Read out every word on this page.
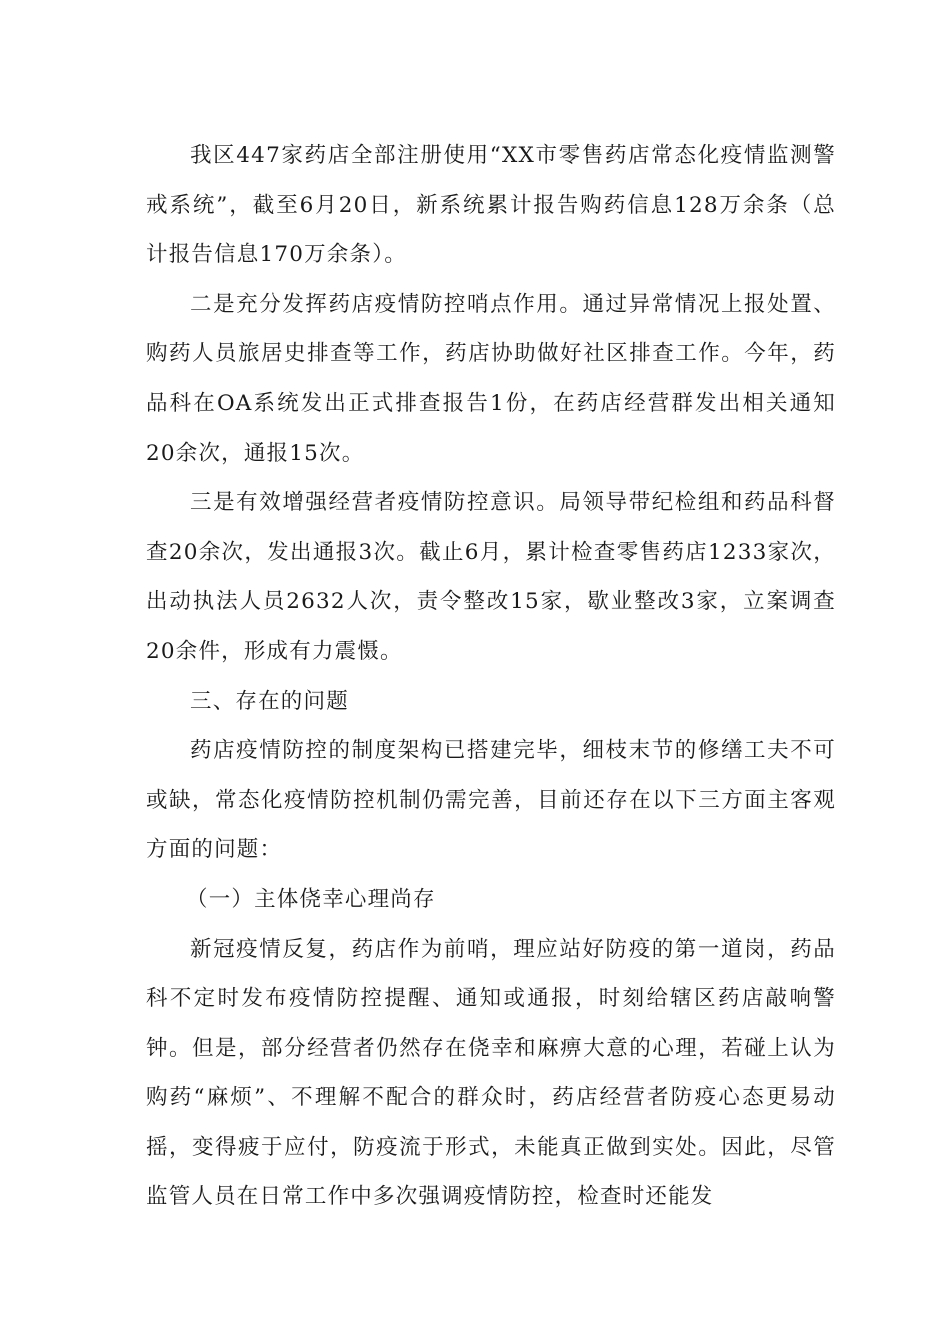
我区447家药店全部注册使用“XX市零售药店常态化疫情监测警戒系统”，截至6月20日，新系统累计报告购药信息128万余条（总计报告信息170万余条）。

二是充分发挥药店疫情防控哨点作用。通过异常情况上报处置、购药人员旅居史排查等工作，药店协助做好社区排查工作。今年，药品科在OA系统发出正式排查报告1份，在药店经营群发出相关通知20余次，通报15次。

三是有效增强经营者疫情防控意识。局领导带纪检组和药品科督查20余次，发出通报3次。截止6月，累计检查零售药店1233家次，出动执法人员2632人次，责令整改15家，歇业整改3家，立案调查20余件，形成有力震慑。

三、存在的问题

药店疫情防控的制度架构已搭建完毕，细枝末节的修缮工夫不可或缺，常态化疫情防控机制仍需完善，目前还存在以下三方面主客观方面的问题：

（一）主体侥幸心理尚存

新冠疫情反复，药店作为前哨，理应站好防疫的第一道岗，药品科不定时发布疫情防控提醒、通知或通报，时刻给辖区药店敲响警钟。但是，部分经营者仍然存在侥幸和麻痹大意的心理，若碰上认为购药“麻烦”、不理解不配合的群众时，药店经营者防疫心态更易动摇，变得疲于应付，防疫流于形式，未能真正做到实处。因此，尽管监管人员在日常工作中多次强调疫情防控，检查时还能发
